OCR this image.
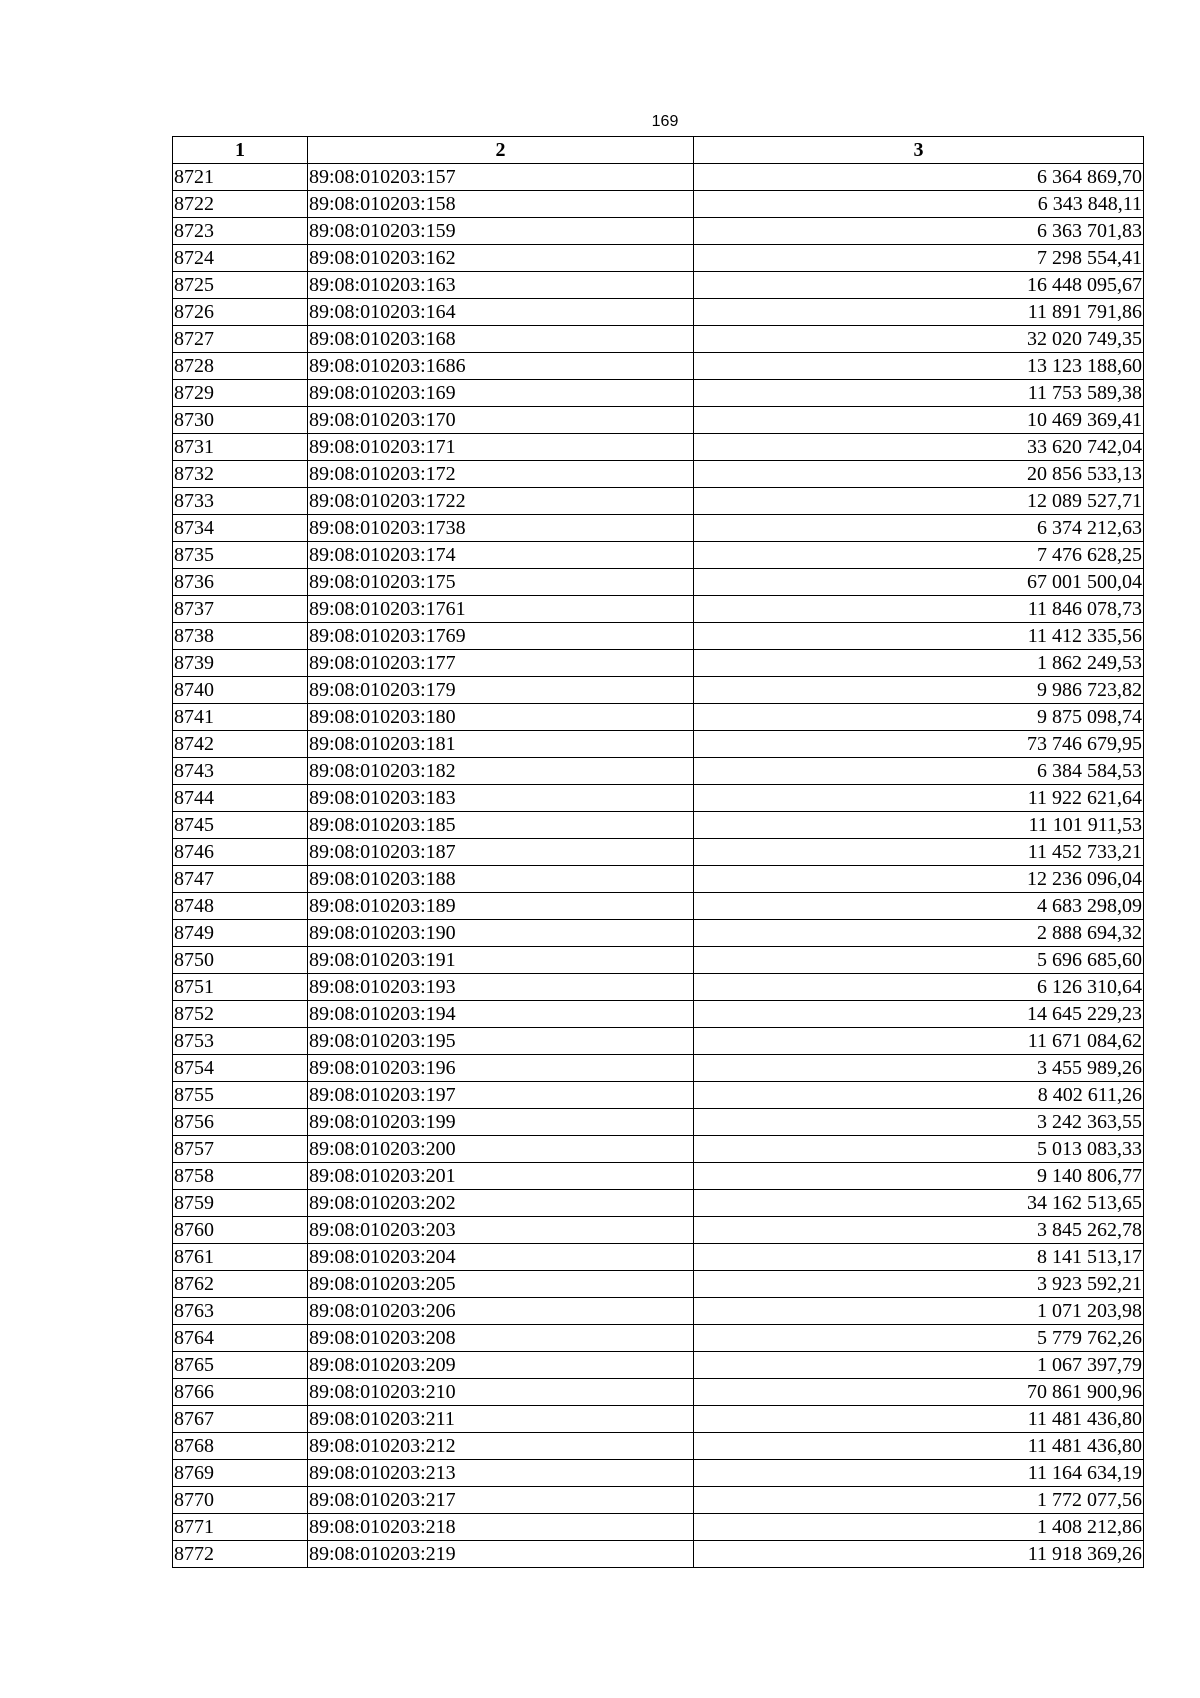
169
1	2	3
8721	89:08:010203:157	6 364 869,70
8722	89:08:010203:158	6 343 848,11
8723	89:08:010203:159	6 363 701,83
8724	89:08:010203:162	7 298 554,41
8725	89:08:010203:163	16 448 095,67
8726	89:08:010203:164	11 891 791,86
8727	89:08:010203:168	32 020 749,35
8728	89:08:010203:1686	13 123 188,60
8729	89:08:010203:169	11 753 589,38
8730	89:08:010203:170	10 469 369,41
8731	89:08:010203:171	33 620 742,04
8732	89:08:010203:172	20 856 533,13
8733	89:08:010203:1722	12 089 527,71
8734	89:08:010203:1738	6 374 212,63
8735	89:08:010203:174	7 476 628,25
8736	89:08:010203:175	67 001 500,04
8737	89:08:010203:1761	11 846 078,73
8738	89:08:010203:1769	11 412 335,56
8739	89:08:010203:177	1 862 249,53
8740	89:08:010203:179	9 986 723,82
8741	89:08:010203:180	9 875 098,74
8742	89:08:010203:181	73 746 679,95
8743	89:08:010203:182	6 384 584,53
8744	89:08:010203:183	11 922 621,64
8745	89:08:010203:185	11 101 911,53
8746	89:08:010203:187	11 452 733,21
8747	89:08:010203:188	12 236 096,04
8748	89:08:010203:189	4 683 298,09
8749	89:08:010203:190	2 888 694,32
8750	89:08:010203:191	5 696 685,60
8751	89:08:010203:193	6 126 310,64
8752	89:08:010203:194	14 645 229,23
8753	89:08:010203:195	11 671 084,62
8754	89:08:010203:196	3 455 989,26
8755	89:08:010203:197	8 402 611,26
8756	89:08:010203:199	3 242 363,55
8757	89:08:010203:200	5 013 083,33
8758	89:08:010203:201	9 140 806,77
8759	89:08:010203:202	34 162 513,65
8760	89:08:010203:203	3 845 262,78
8761	89:08:010203:204	8 141 513,17
8762	89:08:010203:205	3 923 592,21
8763	89:08:010203:206	1 071 203,98
8764	89:08:010203:208	5 779 762,26
8765	89:08:010203:209	1 067 397,79
8766	89:08:010203:210	70 861 900,96
8767	89:08:010203:211	11 481 436,80
8768	89:08:010203:212	11 481 436,80
8769	89:08:010203:213	11 164 634,19
8770	89:08:010203:217	1 772 077,56
8771	89:08:010203:218	1 408 212,86
8772	89:08:010203:219	11 918 369,26
